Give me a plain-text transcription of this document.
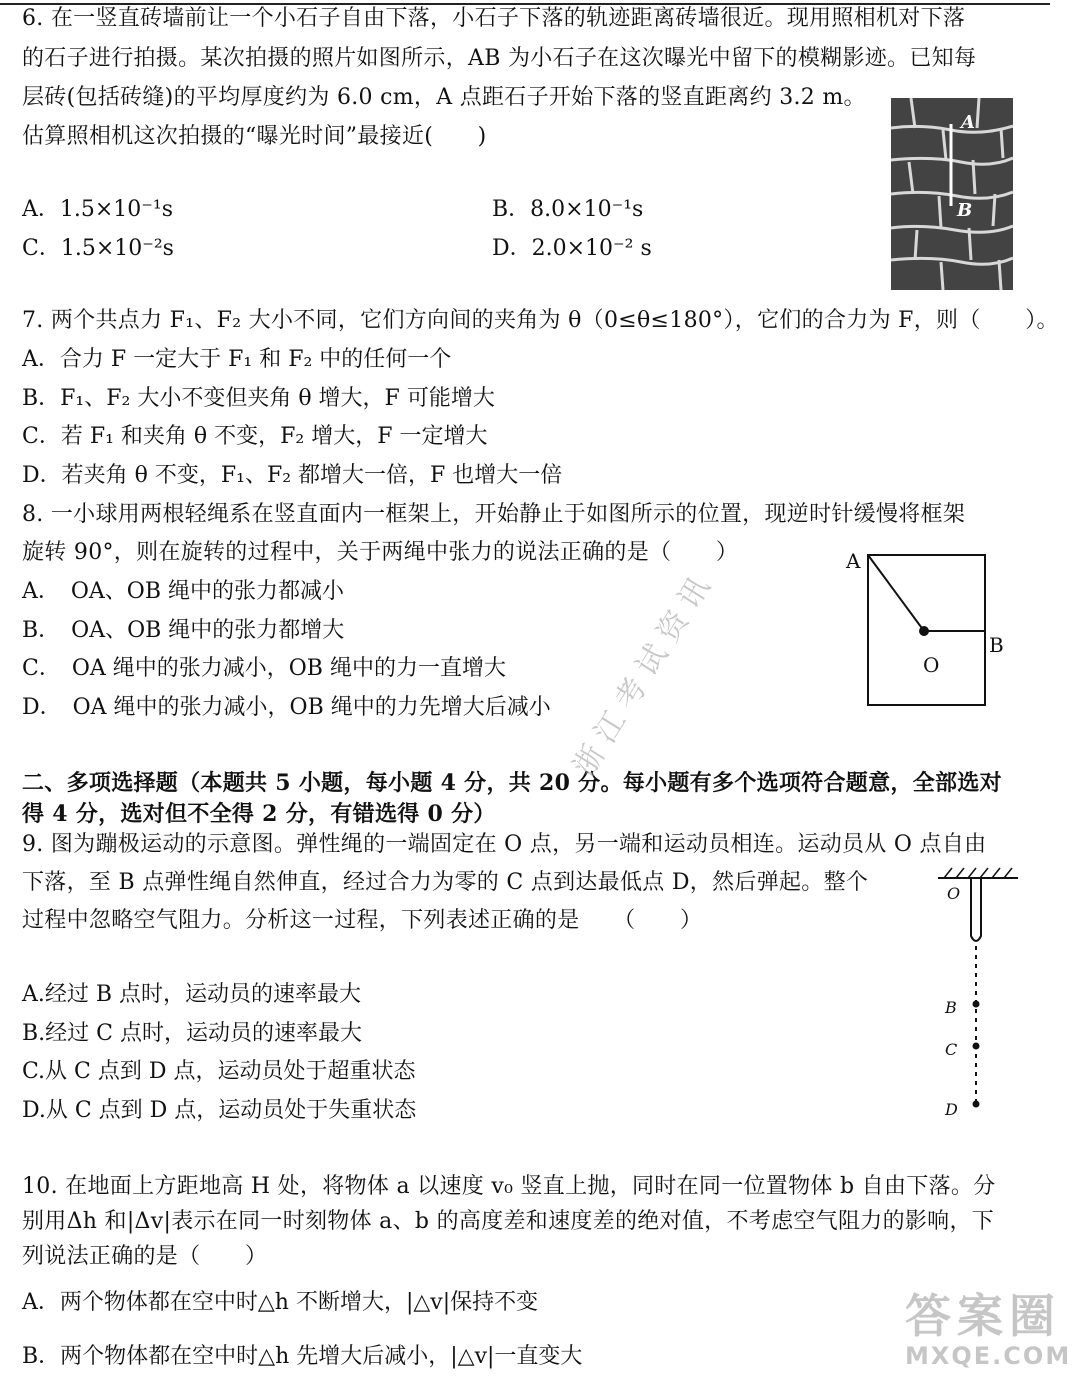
6. 在一竖直砖墙前让一个小石子自由下落，小石子下落的轨迹距离砖墙很近。现用照相机对下落
的石子进行拍摄。某次拍摄的照片如图所示，AB 为小石子在这次曝光中留下的模糊影迹。已知每
层砖(包括砖缝)的平均厚度约为 6.0 cm，A 点距石子开始下落的竖直距离约 3.2 m。
估算照相机这次拍摄的“曝光时间”最接近(　　)
A．1.5×10⁻¹s	B．8.0×10⁻¹s
C．1.5×10⁻²s	D．2.0×10⁻² s
A
B
7. 两个共点力 F₁、F₂ 大小不同，它们方向间的夹角为 θ（0≤θ≤180°），它们的合力为 F，则（　　）。
A．合力 F 一定大于 F₁ 和 F₂ 中的任何一个
B．F₁、F₂ 大小不变但夹角 θ 增大，F 可能增大
C．若 F₁ 和夹角 θ 不变，F₂ 增大，F 一定增大
D．若夹角 θ 不变，F₁、F₂ 都增大一倍，F 也增大一倍
8. 一小球用两根轻绳系在竖直面内一框架上，开始静止于如图所示的位置，现逆时针缓慢将框架
旋转 90°，则在旋转的过程中，关于两绳中张力的说法正确的是（　　）
A．　OA、OB 绳中的张力都减小
B．　OA、OB 绳中的张力都增大
C．　OA 绳中的张力减小，OB 绳中的力一直增大
D．　OA 绳中的张力减小，OB 绳中的力先增大后减小
A
B
O
二、多项选择题（本题共 5 小题，每小题 4 分，共 20 分。每小题有多个选项符合题意，全部选对
得 4 分，选对但不全得 2 分，有错选得 0 分）
9. 图为蹦极运动的示意图。弹性绳的一端固定在 O 点，另一端和运动员相连。运动员从 O 点自由
下落，至 B 点弹性绳自然伸直，经过合力为零的 C 点到达最低点 D，然后弹起。整个
过程中忽略空气阻力。分析这一过程，下列表述正确的是　　（　　）
A.经过 B 点时，运动员的速率最大
B.经过 C 点时，运动员的速率最大
C.从 C 点到 D 点，运动员处于超重状态
D.从 C 点到 D 点，运动员处于失重状态
O
B
C
D
10. 在地面上方距地高 H 处，将物体 a 以速度 v₀ 竖直上抛，同时在同一位置物体 b 自由下落。分
别用Δh 和|Δv|表示在同一时刻物体 a、b 的高度差和速度差的绝对值，不考虑空气阻力的影响，下
列说法正确的是（　　）
A．两个物体都在空中时△h 不断增大，|△v|保持不变
B．两个物体都在空中时△h 先增大后减小，|△v|一直变大
浙 江 考 试 资 讯
答案圈
MXQE.COM
